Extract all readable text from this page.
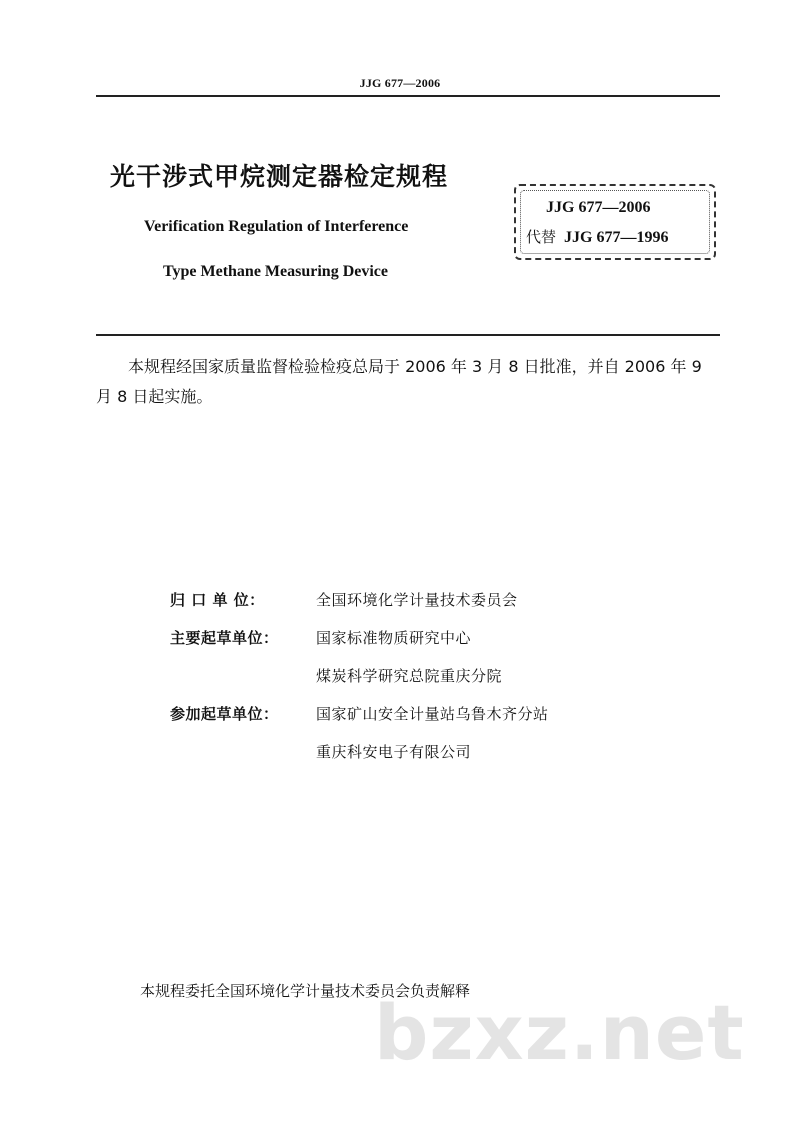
JJG 677—2006
光干涉式甲烷测定器检定规程
Verification Regulation of Interference
Type Methane Measuring Device
JJG 677—2006
代替 JJG 677—1996

本规程经国家质量监督检验检疫总局于 2006 年 3 月 8 日批准，并自 2006 年 9 月 8 日起实施。

归 口 单 位：	全国环境化学计量技术委员会
主要起草单位：	国家标准物质研究中心
煤炭科学研究总院重庆分院
参加起草单位：	国家矿山安全计量站乌鲁木齐分站
重庆科安电子有限公司
本规程委托全国环境化学计量技术委员会负责解释
bzxz.net
